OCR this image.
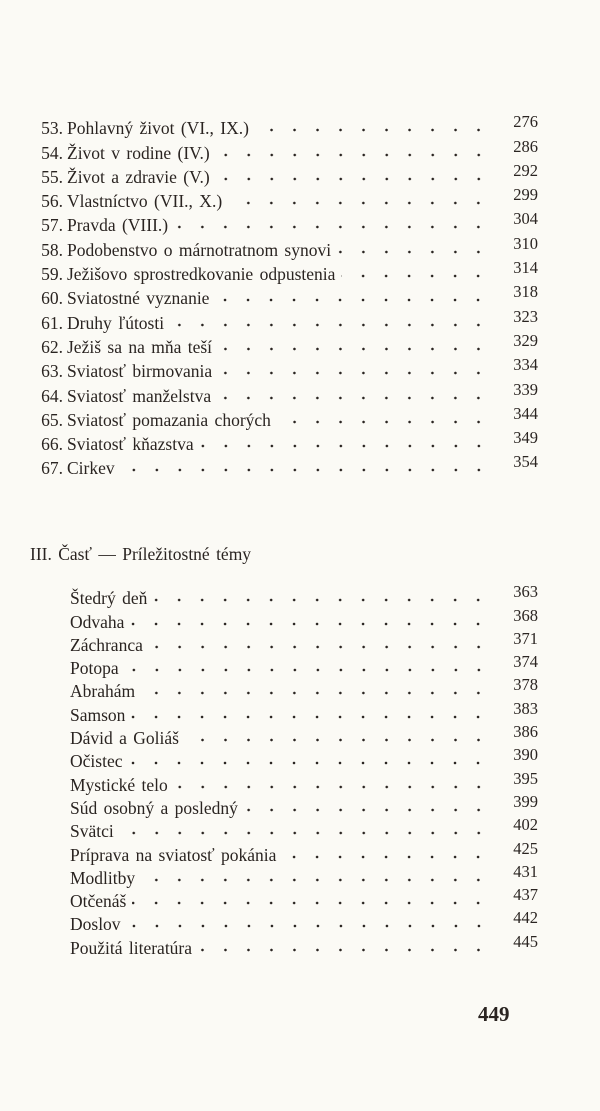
53. Pohlavný život (VI., IX.)	276
54. Život v rodine (IV.)	286
55. Život a zdravie (V.)	292
56. Vlastníctvo (VII., X.)	299
57. Pravda (VIII.)	304
58. Podobenstvo o márnotratnom synovi	310
59. Ježišovo sprostredkovanie odpustenia	314
60. Sviatostné vyznanie	318
61. Druhy ľútosti	323
62. Ježiš sa na mňa teší	329
63. Sviatosť birmovania	334
64. Sviatosť manželstva	339
65. Sviatosť pomazania chorých	344
66. Sviatosť kňazstva	349
67. Cirkev	354
III. Časť — Príležitostné témy
Štedrý deň	363
Odvaha	368
Záchranca	371
Potopa	374
Abrahám	378
Samson	383
Dávid a Goliáš	386
Očistec	390
Mystické telo	395
Súd osobný a posledný	399
Svätci	402
Príprava na sviatosť pokánia	425
Modlitby	431
Otčenáš	437
Doslov	442
Použitá literatúra	445
449
